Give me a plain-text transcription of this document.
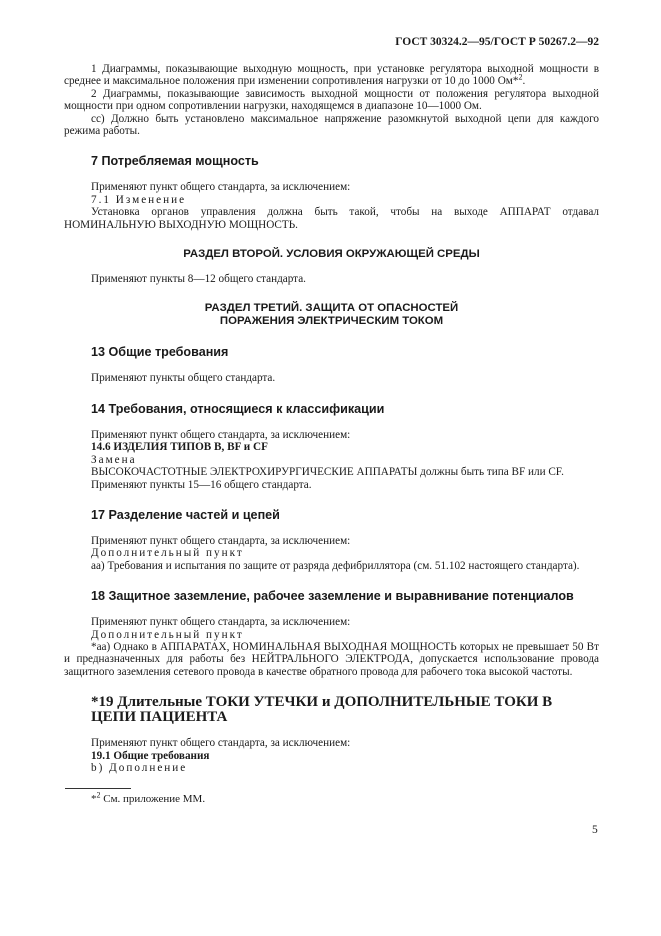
ГОСТ 30324.2—95/ГОСТ Р 50267.2—92

1 Диаграммы, показывающие выходную мощность, при установке регулятора выходной мощности в среднее и максимальное положения при изменении сопротивления нагрузки от 10 до 1000 Ом*$^2$.

2 Диаграммы, показывающие зависимость выходной мощности от положения регулятора выходной мощности при одном сопротивлении нагрузки, находящемся в диапазоне 10—1000 Ом.

cc) Должно быть установлено максимальное напряжение разомкнутой выходной цепи для каждого режима работы.

7 Потребляемая мощность

Применяют пункт общего стандарта, за исключением:

7.1 Изменение

Установка органов управления должна быть такой, чтобы на выходе АППАРАТ отдавал НОМИНАЛЬНУЮ ВЫХОДНУЮ МОЩНОСТЬ.

РАЗДЕЛ ВТОРОЙ. УСЛОВИЯ ОКРУЖАЮЩЕЙ СРЕДЫ

Применяют пункты 8—12 общего стандарта.

РАЗДЕЛ ТРЕТИЙ. ЗАЩИТА ОТ ОПАСНОСТЕЙ
ПОРАЖЕНИЯ ЭЛЕКТРИЧЕСКИМ ТОКОМ
13 Общие требования

Применяют пункты общего стандарта.

14 Требования, относящиеся к классификации

Применяют пункт общего стандарта, за исключением:

14.6 ИЗДЕЛИЯ ТИПОВ B, BF и CF

Замена

ВЫСОКОЧАСТОТНЫЕ ЭЛЕКТРОХИРУРГИЧЕСКИЕ АППАРАТЫ должны быть типа BF или CF.

Применяют пункты 15—16 общего стандарта.

17 Разделение частей и цепей

Применяют пункт общего стандарта, за исключением:

Дополнительный пункт

aa) Требования и испытания по защите от разряда дефибриллятора (см. 51.102 настоящего стандарта).

18 Защитное заземление, рабочее заземление и выравнивание потенциалов

Применяют пункт общего стандарта, за исключением:

Дополнительный пункт

*aa) Однако в АППАРАТАХ, НОМИНАЛЬНАЯ ВЫХОДНАЯ МОЩНОСТЬ которых не превышает 50 Вт и предназначенных для работы без НЕЙТРАЛЬНОГО ЭЛЕКТРОДА, допускается использование провода защитного заземления сетевого провода в качестве обратного провода для рабочего тока высокой частоты.

*19 Длительные ТОКИ УТЕЧКИ и ДОПОЛНИТЕЛЬНЫЕ ТОКИ В ЦЕПИ ПАЦИЕНТА

Применяют пункт общего стандарта, за исключением:

19.1 Общие требования

b) Дополнение

*$^2$ См. приложение ММ.
5
